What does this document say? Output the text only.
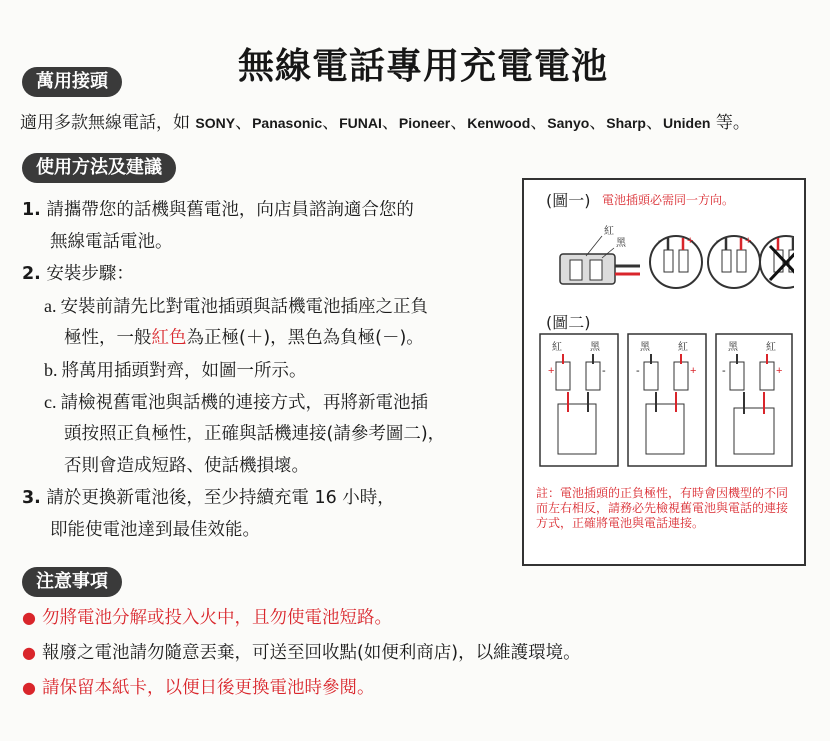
無線電話專用充電電池
萬用接頭
適用多款無線電話，如 SONY、Panasonic、FUNAI、Pioneer、Kenwood、Sanyo、Sharp、Uniden 等。
使用方法及建議
1. 請攜帶您的話機與舊電池，向店員諮詢適合您的
無線電話電池。
2. 安裝步驟：
a. 安裝前請先比對電池插頭與話機電池插座之正負
極性，一般紅色為正極(＋)，黑色為負極(－)。
b. 將萬用插頭對齊，如圖一所示。
c. 請檢視舊電池與話機的連接方式，再將新電池插
頭按照正負極性，正確與話機連接(請參考圖二)，
否則會造成短路、使話機損壞。
3. 請於更換新電池後，至少持續充電 16 小時，
即能使電池達到最佳效能。
(圖一) 電池插頭必需同一方向。
紅
黑	- + - +
(圖二)
紅	黑
+	-
黑	紅
-	+
黑	紅
-	+
註：電池插頭的正負極性，有時會因機型的不同而左右相反，請務必先檢視舊電池與電話的連接方式，正確將電池與電話連接。
注意事項
● 勿將電池分解或投入火中，且勿使電池短路。
● 報廢之電池請勿隨意丟棄，可送至回收點(如便利商店)，以維護環境。
● 請保留本紙卡，以便日後更換電池時參閱。
